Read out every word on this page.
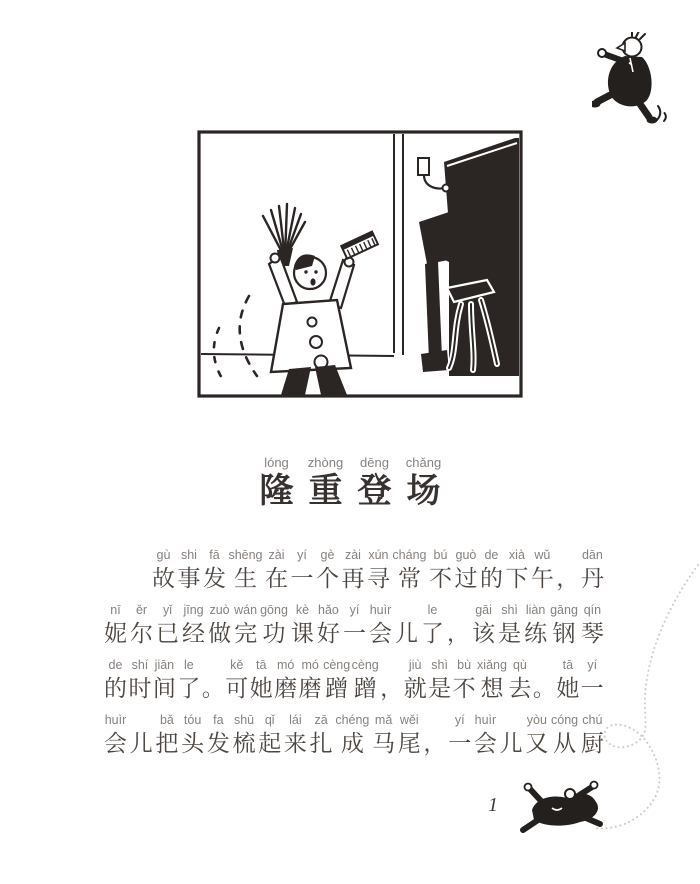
lóng
隆
zhòng
重
dēng
登
chǎng
场
gù
故
shi
事
fā
发
shēng
生
zài
在
yí
一
gè
个
zài
再
xún
寻
cháng
常
bú
不
guò
过
de
的
xià
下
wǔ
午 ，
dān
丹
nī
妮
ěr
尔
yǐ
已
jīng
经
zuò
做
wán
完
gōng
功
kè
课
hǎo
好
yí
一
huìr
会 儿
le
了 ，
gāi
该
shì
是
liàn
练
gāng
钢
qín
琴
de
的
shí
时
jiān
间
le
了 。
kě
可
tā
她
mó
磨
mó
磨
cèng
蹭
cèng
蹭 ，
jiù
就
shì
是
bù
不
xiǎng
想
qù
去 。
tā
她
yí
一
huìr
会 儿
bǎ
把
tóu
头
fa
发
shū
梳
qǐ
起
lái
来
zā
扎
chéng
成
mǎ
马
wěi
尾 ，
yí
一
huìr
会 儿
yòu
又
cóng
从
chú
厨
1
